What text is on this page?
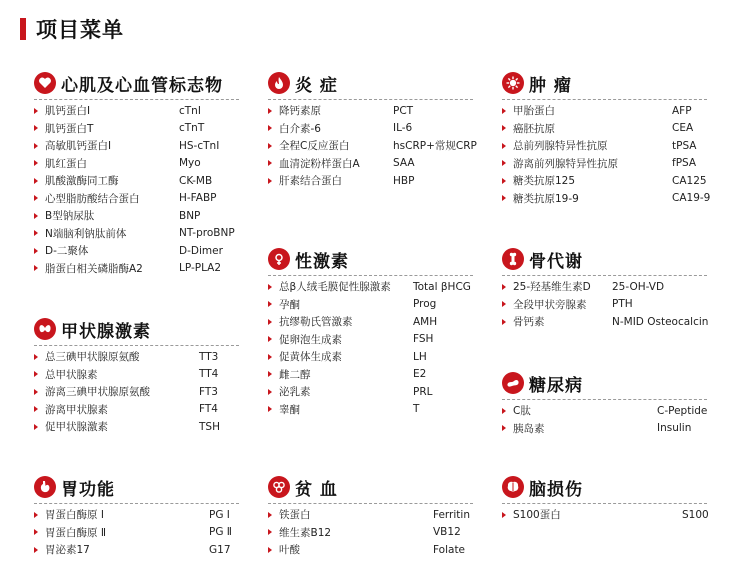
项目菜单
心肌及心血管标志物
肌钙蛋白I	cTnI
肌钙蛋白T	cTnT
高敏肌钙蛋白I	HS-cTnI
肌红蛋白	Myo
肌酸激酶同工酶	CK-MB
心型脂肪酸结合蛋白	H-FABP
B型钠尿肽	BNP
N端脑利钠肽前体	NT-proBNP
D-二聚体	D-Dimer
脂蛋白相关磷脂酶A2	LP-PLA2
炎 症
降钙素原	PCT
白介素-6	IL-6
全程C反应蛋白	hsCRP+常规CRP
血清淀粉样蛋白A	SAA
肝素结合蛋白	HBP
肿 瘤
甲胎蛋白	AFP
癌胚抗原	CEA
总前列腺特异性抗原	tPSA
游离前列腺特异性抗原	fPSA
糖类抗原125	CA125
糖类抗原19-9	CA19-9
性激素
总β人绒毛膜促性腺激素 Total βHCG
孕酮	Prog
抗缪勒氏管激素	AMH
促卵泡生成素	FSH
促黄体生成素	LH
雌二醇	E2
泌乳素	PRL
睾酮	T
骨代谢
25-羟基维生素D 25-OH-VD
全段甲状旁腺素 PTH
骨钙素	N-MID Osteocalcin
甲状腺激素
总三碘甲状腺原氨酸	TT3
总甲状腺素	TT4
游离三碘甲状腺原氨酸	FT3
游离甲状腺素	FT4
促甲状腺激素	TSH
糖尿病
C肽	C-Peptide
胰岛素	Insulin
胃功能
胃蛋白酶原 Ⅰ	PG Ⅰ
胃蛋白酶原 Ⅱ	PG Ⅱ
胃泌素17	G17
贫 血
铁蛋白	Ferritin
维生素B12	VB12
叶酸	Folate
脑损伤
S100蛋白	S100
